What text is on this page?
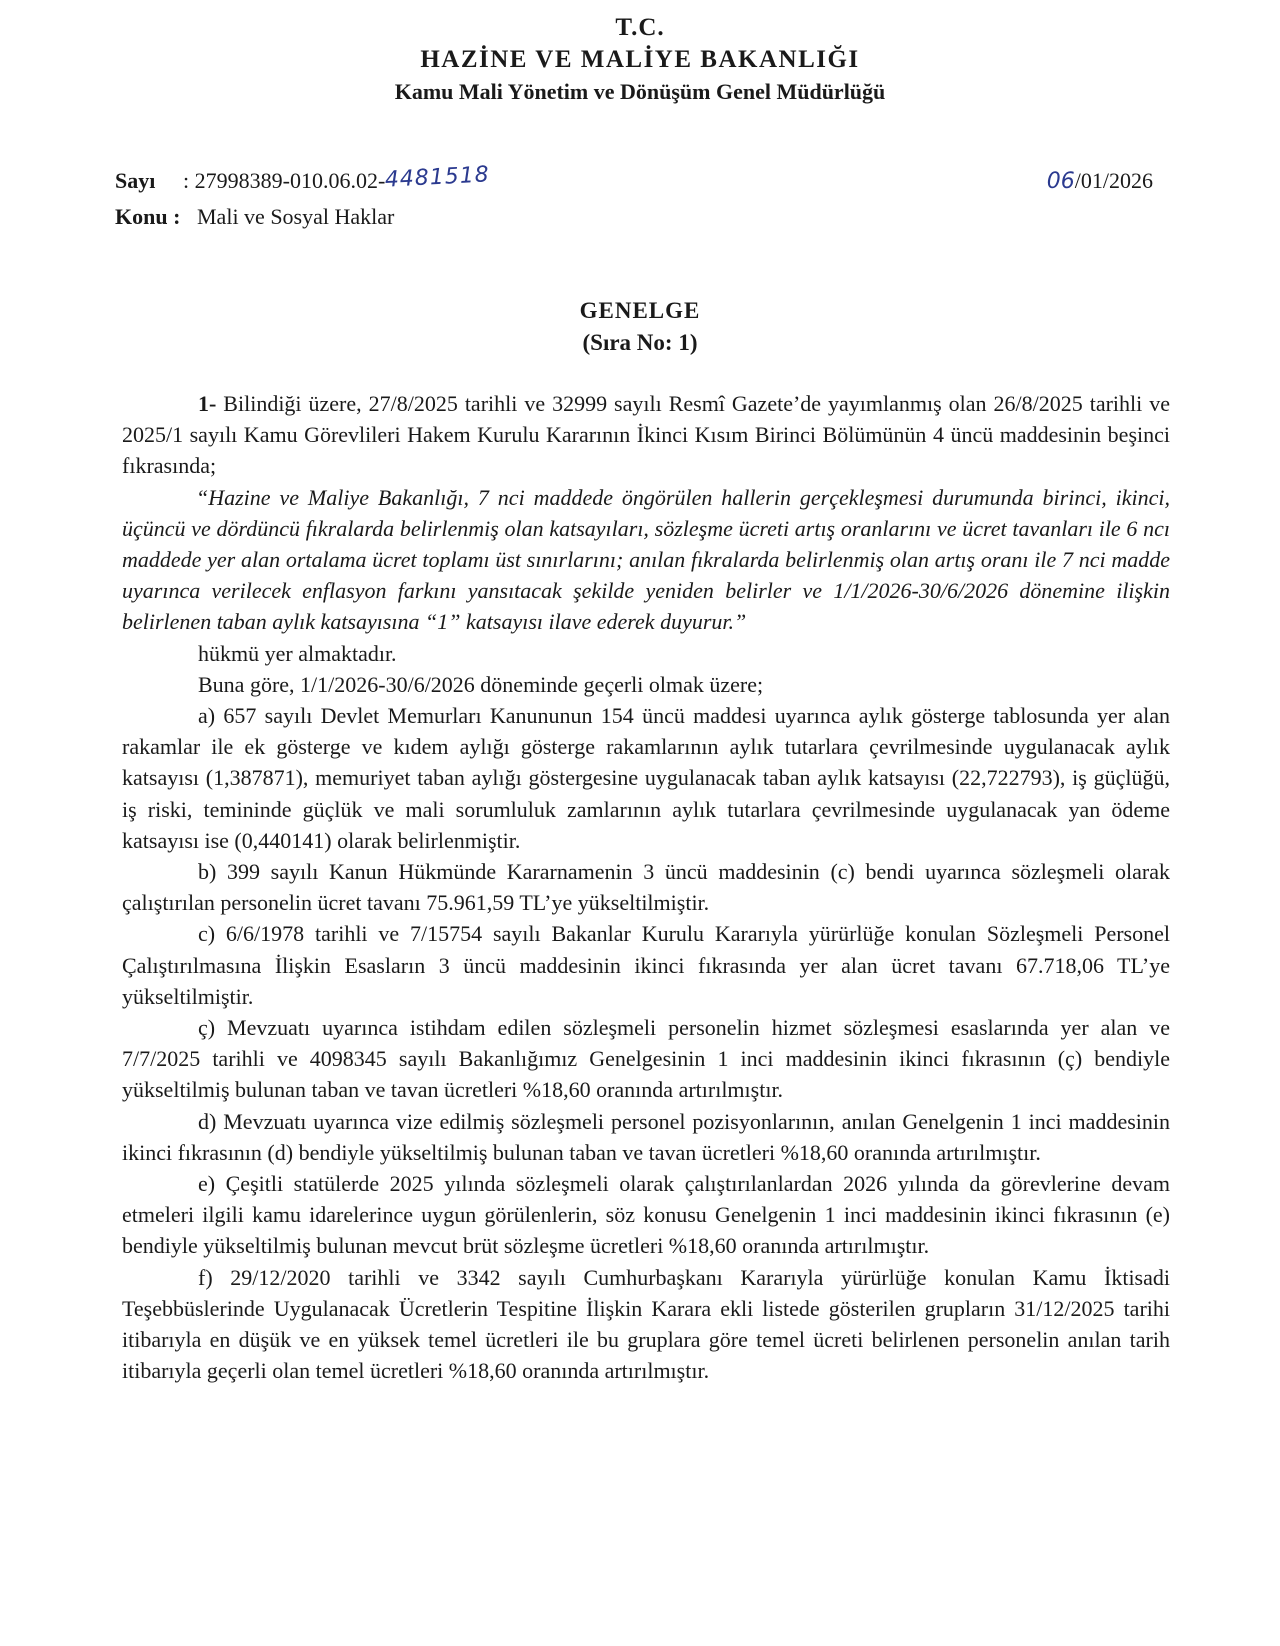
T.C.
HAZİNE VE MALİYE BAKANLIĞI
Kamu Mali Yönetim ve Dönüşüm Genel Müdürlüğü
Sayı : 27998389-010.06.02-4481518	06/01/2026
Konu : Mali ve Sosyal Haklar
GENELGE
(Sıra No: 1)

1- Bilindiği üzere, 27/8/2025 tarihli ve 32999 sayılı Resmî Gazete’de yayımlanmış olan 26/8/2025 tarihli ve 2025/1 sayılı Kamu Görevlileri Hakem Kurulu Kararının İkinci Kısım Birinci Bölümünün 4 üncü maddesinin beşinci fıkrasında;

“Hazine ve Maliye Bakanlığı, 7 nci maddede öngörülen hallerin gerçekleşmesi durumunda birinci, ikinci, üçüncü ve dördüncü fıkralarda belirlenmiş olan katsayıları, sözleşme ücreti artış oranlarını ve ücret tavanları ile 6 ncı maddede yer alan ortalama ücret toplamı üst sınırlarını; anılan fıkralarda belirlenmiş olan artış oranı ile 7 nci madde uyarınca verilecek enflasyon farkını yansıtacak şekilde yeniden belirler ve 1/1/2026-30/6/2026 dönemine ilişkin belirlenen taban aylık katsayısına “1” katsayısı ilave ederek duyurur.”

hükmü yer almaktadır.

Buna göre, 1/1/2026-30/6/2026 döneminde geçerli olmak üzere;

a) 657 sayılı Devlet Memurları Kanununun 154 üncü maddesi uyarınca aylık gösterge tablosunda yer alan rakamlar ile ek gösterge ve kıdem aylığı gösterge rakamlarının aylık tutarlara çevrilmesinde uygulanacak aylık katsayısı (1,387871), memuriyet taban aylığı göstergesine uygulanacak taban aylık katsayısı (22,722793), iş güçlüğü, iş riski, temininde güçlük ve mali sorumluluk zamlarının aylık tutarlara çevrilmesinde uygulanacak yan ödeme katsayısı ise (0,440141) olarak belirlenmiştir.

b) 399 sayılı Kanun Hükmünde Kararnamenin 3 üncü maddesinin (c) bendi uyarınca sözleşmeli olarak çalıştırılan personelin ücret tavanı 75.961,59 TL’ye yükseltilmiştir.

c) 6/6/1978 tarihli ve 7/15754 sayılı Bakanlar Kurulu Kararıyla yürürlüğe konulan Sözleşmeli Personel Çalıştırılmasına İlişkin Esasların 3 üncü maddesinin ikinci fıkrasında yer alan ücret tavanı 67.718,06 TL’ye yükseltilmiştir.

ç) Mevzuatı uyarınca istihdam edilen sözleşmeli personelin hizmet sözleşmesi esaslarında yer alan ve 7/7/2025 tarihli ve 4098345 sayılı Bakanlığımız Genelgesinin 1 inci maddesinin ikinci fıkrasının (ç) bendiyle yükseltilmiş bulunan taban ve tavan ücretleri %18,60 oranında artırılmıştır.

d) Mevzuatı uyarınca vize edilmiş sözleşmeli personel pozisyonlarının, anılan Genelgenin 1 inci maddesinin ikinci fıkrasının (d) bendiyle yükseltilmiş bulunan taban ve tavan ücretleri %18,60 oranında artırılmıştır.

e) Çeşitli statülerde 2025 yılında sözleşmeli olarak çalıştırılanlardan 2026 yılında da görevlerine devam etmeleri ilgili kamu idarelerince uygun görülenlerin, söz konusu Genelgenin 1 inci maddesinin ikinci fıkrasının (e) bendiyle yükseltilmiş bulunan mevcut brüt sözleşme ücretleri %18,60 oranında artırılmıştır.

f) 29/12/2020 tarihli ve 3342 sayılı Cumhurbaşkanı Kararıyla yürürlüğe konulan Kamu İktisadi Teşebbüslerinde Uygulanacak Ücretlerin Tespitine İlişkin Karara ekli listede gösterilen grupların 31/12/2025 tarihi itibarıyla en düşük ve en yüksek temel ücretleri ile bu gruplara göre temel ücreti belirlenen personelin anılan tarih itibarıyla geçerli olan temel ücretleri %18,60 oranında artırılmıştır.
